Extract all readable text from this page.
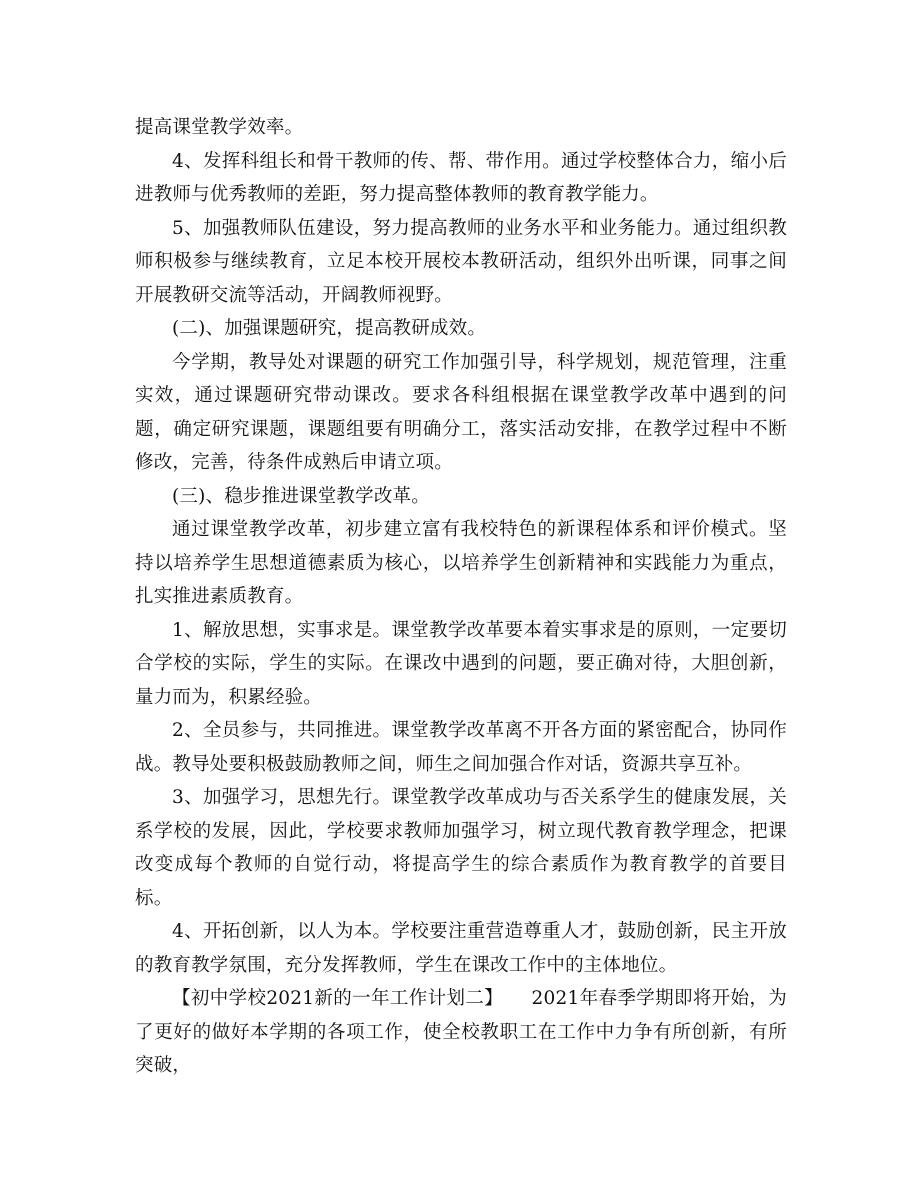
提高课堂教学效率。

4、发挥科组长和骨干教师的传、帮、带作用。通过学校整体合力，缩小后进教师与优秀教师的差距，努力提高整体教师的教育教学能力。

5、加强教师队伍建设，努力提高教师的业务水平和业务能力。通过组织教师积极参与继续教育，立足本校开展校本教研活动，组织外出听课，同事之间开展教研交流等活动，开阔教师视野。

(二)、加强课题研究，提高教研成效。

今学期，教导处对课题的研究工作加强引导，科学规划，规范管理，注重实效，通过课题研究带动课改。要求各科组根据在课堂教学改革中遇到的问题，确定研究课题，课题组要有明确分工，落实活动安排，在教学过程中不断修改，完善，待条件成熟后申请立项。

(三)、稳步推进课堂教学改革。

通过课堂教学改革，初步建立富有我校特色的新课程体系和评价模式。坚持以培养学生思想道德素质为核心，以培养学生创新精神和实践能力为重点，扎实推进素质教育。

1、解放思想，实事求是。课堂教学改革要本着实事求是的原则，一定要切合学校的实际，学生的实际。在课改中遇到的问题，要正确对待，大胆创新，量力而为，积累经验。

2、全员参与，共同推进。课堂教学改革离不开各方面的紧密配合，协同作战。教导处要积极鼓励教师之间，师生之间加强合作对话，资源共享互补。

3、加强学习，思想先行。课堂教学改革成功与否关系学生的健康发展，关系学校的发展，因此，学校要求教师加强学习，树立现代教育教学理念，把课改变成每个教师的自觉行动，将提高学生的综合素质作为教育教学的首要目标。

4、开拓创新，以人为本。学校要注重营造尊重人才，鼓励创新，民主开放的教育教学氛围，充分发挥教师，学生在课改工作中的主体地位。

【初中学校2021新的一年工作计划二】　　2021年春季学期即将开始，为了更好的做好本学期的各项工作，使全校教职工在工作中力争有所创新，有所突破，
